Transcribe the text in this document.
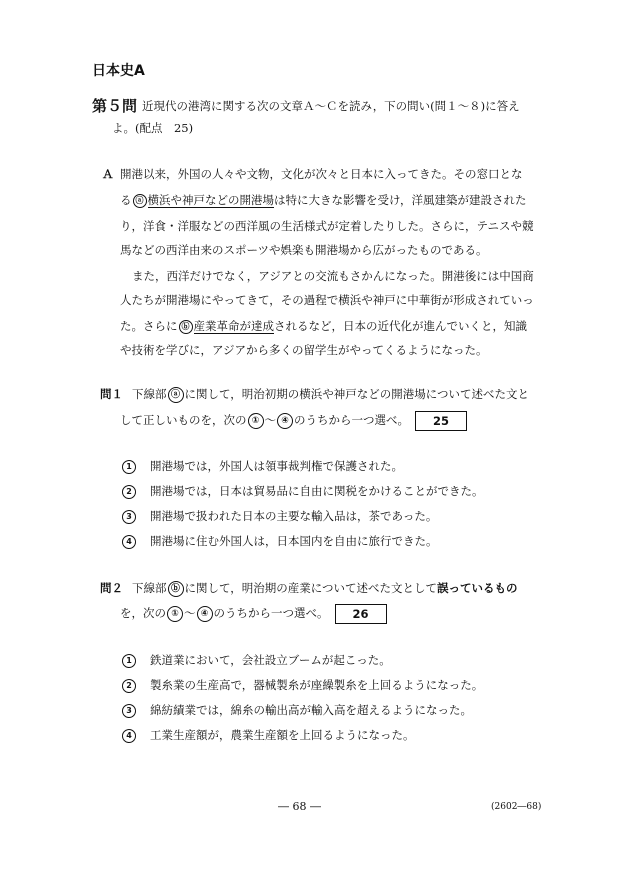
日本史A
第５問 近現代の港湾に関する次の文章Ａ～Ｃを読み，下の問い(問１～８)に答え
よ。(配点　25)
Ａ 開港以来，外国の人々や文物，文化が次々と日本に入ってきた。その窓口とな
る ⓐ 横浜や神戸などの開港場は特に大きな影響を受け，洋風建築が建設された
り，洋食・洋服などの西洋風の生活様式が定着したりした。さらに，テニスや競
馬などの西洋由来のスポーツや娯楽も開港場から広がったものである。
また，西洋だけでなく，アジアとの交流もさかんになった。開港後には中国商
人たちが開港場にやってきて，その過程で横浜や神戸に中華街が形成されていっ
た。さらに ⓑ 産業革命が達成されるなど，日本の近代化が進んでいくと，知識
や技術を学びに，アジアから多くの留学生がやってくるようになった。
問１ 下線部 ⓐ に関して，明治初期の横浜や神戸などの開港場について述べた文と
して正しいものを，次の ① ～ ④ のうちから一つ選べ。 25
1 開港場では，外国人は領事裁判権で保護された。
2 開港場では，日本は貿易品に自由に関税をかけることができた。
3 開港場で扱われた日本の主要な輸入品は，茶であった。
4 開港場に住む外国人は，日本国内を自由に旅行できた。
問２ 下線部 ⓑ に関して，明治期の産業について述べた文として誤っているもの
を，次の ① ～ ④ のうちから一つ選べ。 26
1 鉄道業において，会社設立ブームが起こった。
2 製糸業の生産高で，器械製糸が座繰製糸を上回るようになった。
3 綿紡績業では，綿糸の輸出高が輸入高を超えるようになった。
4 工業生産額が，農業生産額を上回るようになった。
― 68 ―	(2602―68)
